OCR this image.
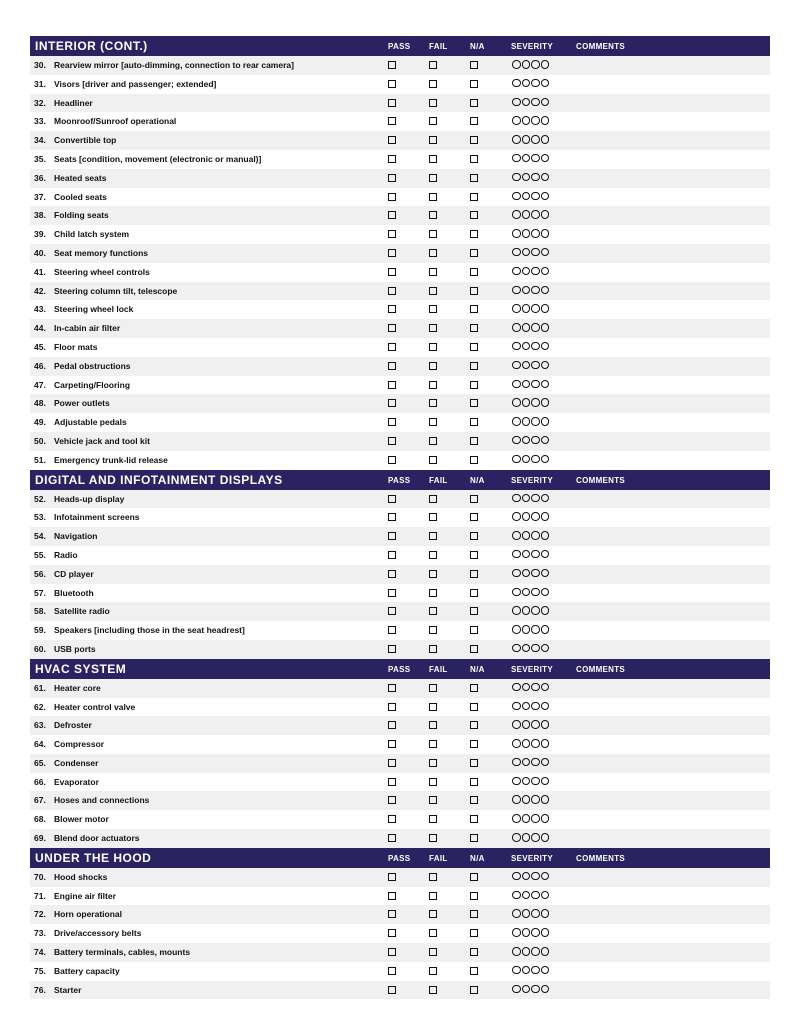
INTERIOR (CONT.)	PASS FAIL	N/A	SEVERITY	COMMENTS
30. Rearview mirror [auto-dimming, connection to rear camera]
31. Visors [driver and passenger; extended]
32. Headliner
33. Moonroof/Sunroof operational
34. Convertible top
35. Seats [condition, movement (electronic or manual)]
36. Heated seats
37. Cooled seats
38. Folding seats
39. Child latch system
40. Seat memory functions
41. Steering wheel controls
42. Steering column tilt, telescope
43. Steering wheel lock
44. In-cabin air filter
45. Floor mats
46. Pedal obstructions
47. Carpeting/Flooring
48. Power outlets
49. Adjustable pedals
50. Vehicle jack and tool kit
51. Emergency trunk-lid release
DIGITAL AND INFOTAINMENT DISPLAYS	PASS FAIL	N/A	SEVERITY	COMMENTS
52. Heads-up display
53. Infotainment screens
54. Navigation
55. Radio
56. CD player
57. Bluetooth
58. Satellite radio
59. Speakers [including those in the seat headrest]
60. USB ports
HVAC SYSTEM	PASS FAIL	N/A	SEVERITY	COMMENTS
61. Heater core
62. Heater control valve
63. Defroster
64. Compressor
65. Condenser
66. Evaporator
67. Hoses and connections
68. Blower motor
69. Blend door actuators
UNDER THE HOOD	PASS FAIL	N/A	SEVERITY	COMMENTS
70. Hood shocks
71. Engine air filter
72. Horn operational
73. Drive/accessory belts
74. Battery terminals, cables, mounts
75. Battery capacity
76. Starter
